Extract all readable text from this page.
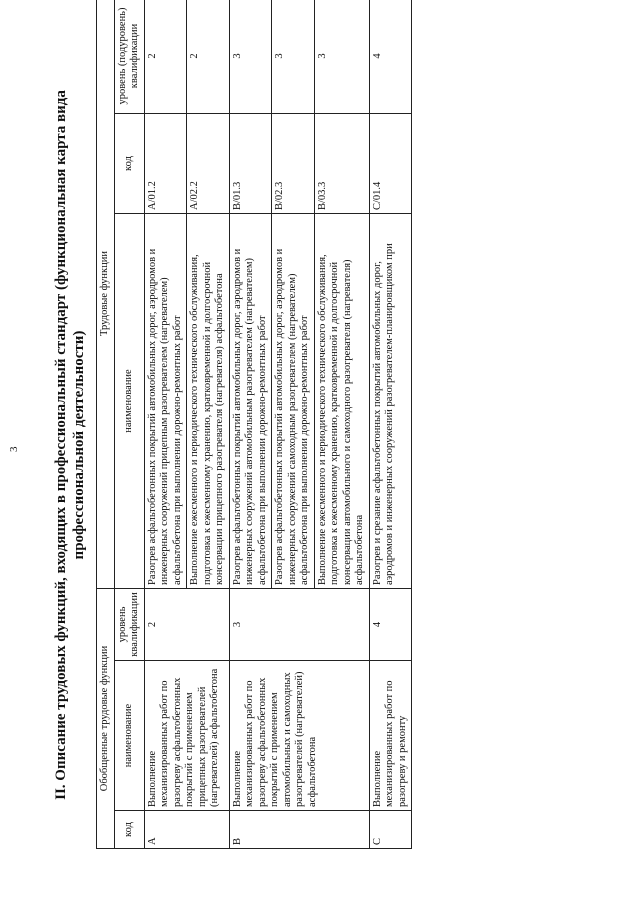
3 II. Описание трудовых функций, входящих в профессиональный стандарт (функциональная карта вида профессиональной деятельности)
Обобщенные трудовые функции			Трудовые функции		
код	наименование	уровень квалификации	наименование	код	уровень (подуровень) квалификации
A	Выполнение механизированных работ по разогреву асфальтобетонных покрытий с применением прицепных разогревателей (нагревателей) асфальтобетона	2	Разогрев асфальтобетонных покрытий автомобильных дорог, аэродромов и инженерных сооружений прицепным разогревателем (нагревателем) асфальтобетона при выполнении дорожно-ремонтных работ	A/01.2	2
			Выполнение ежесменного и периодического технического обслуживания, подготовка к ежесменному хранению, кратковременной и долгосрочной консервации прицепного разогревателя (нагревателя) асфальтобетона	A/02.2	2
B	Выполнение механизированных работ по разогреву асфальтобетонных покрытий с применением автомобильных и самоходных разогревателей (нагревателей) асфальтобетона	3	Разогрев асфальтобетонных покрытий автомобильных дорог, аэродромов и инженерных сооружений автомобильным разогревателем (нагревателем) асфальтобетона при выполнении дорожно-ремонтных работ	B/01.3	3
			Разогрев асфальтобетонных покрытий автомобильных дорог, аэродромов и инженерных сооружений самоходным разогревателем (нагревателем) асфальтобетона при выполнении дорожно-ремонтных работ	B/02.3	3
			Выполнение ежесменного и периодического технического обслуживания, подготовка к ежесменному хранению, кратковременной и долгосрочной консервации автомобильного и самоходного разогревателя (нагревателя) асфальтобетона	B/03.3	3
C	Выполнение механизированных работ по разогреву и ремонту	4	Разогрев и срезание асфальтобетонных покрытий автомобильных дорог, аэродромов и инженерных сооружений разогревателем-планировщиком при	C/01.4	4
